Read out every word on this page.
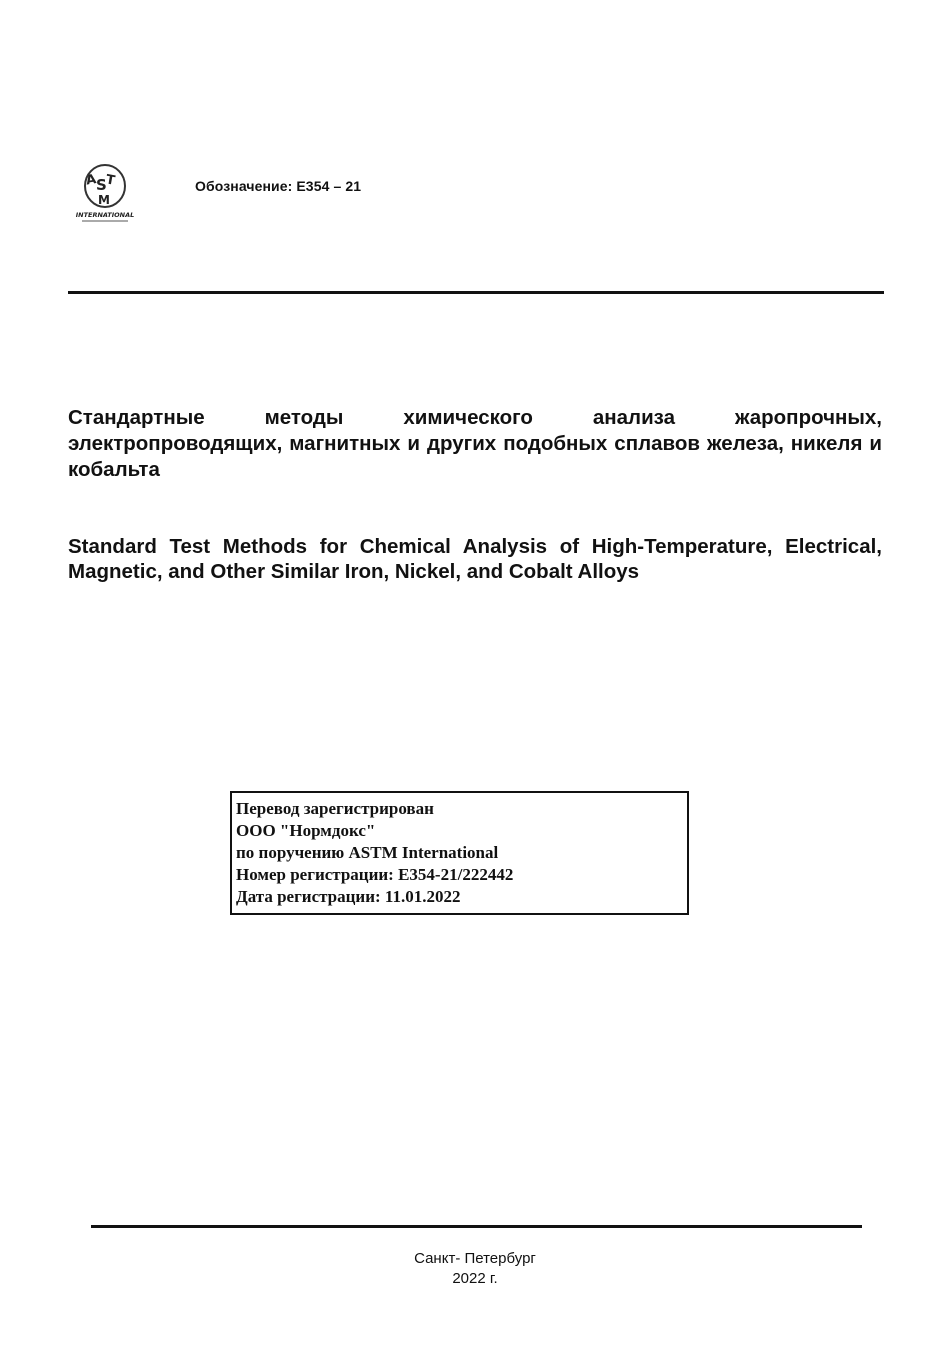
A
S
T
M
INTERNATIONAL
Обозначение: E354 – 21
Стандартные методы химического анализа жаропрочных, электропроводящих, магнитных и других подобных сплавов железа, никеля и кобальта
Standard Test Methods for Chemical Analysis of High-Temperature, Electrical, Magnetic, and Other Similar Iron, Nickel, and Cobalt Alloys
Перевод зарегистрирован
ООО "Нормдокс"
по поручению ASTM International
Номер регистрации: E354-21/222442
Дата регистрации: 11.01.2022
Санкт- Петербург
2022 г.
